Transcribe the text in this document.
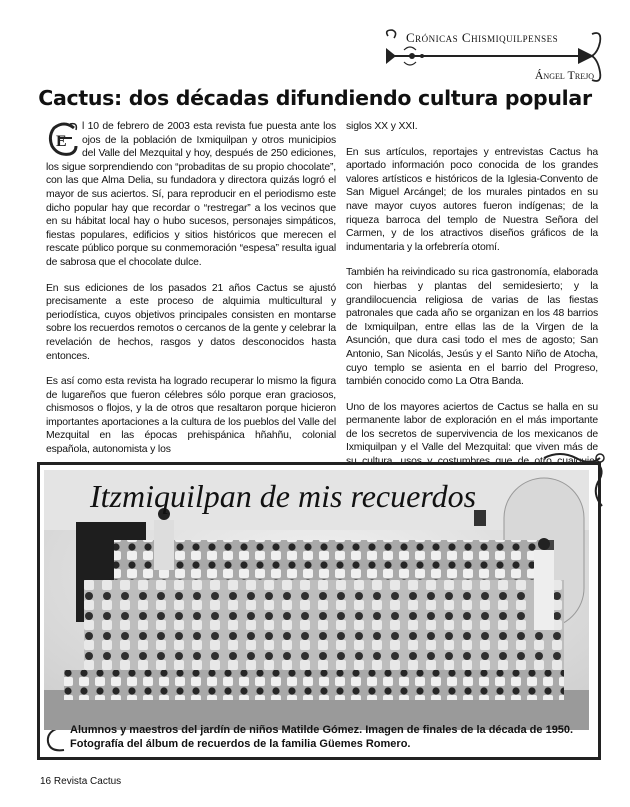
Crónicas Chismiquilpenses
Ángel Trejo
Cactus: dos décadas difundiendo cultura popular

E
l 10 de febrero de 2003 esta revista fue puesta ante los ojos de la población de Ixmiquilpan y otros municipios del Valle del Mezquital y hoy, después de 250 ediciones, los sigue sorprendiendo con “probaditas de su propio chocolate”, con las que Alma Delia, su fundadora y directora quizás logró el mayor de sus aciertos. Sí, para reproducir en el periodismo este dicho popular hay que recordar o “restregar” a los vecinos que en su hábitat local hay o hubo sucesos, personajes simpáticos, fiestas populares, edificios y sitios históricos que merecen el rescate público porque su conmemoración “espesa” resulta igual de sabrosa que el chocolate dulce.

En sus ediciones de los pasados 21 años Cactus se ajustó precisamente a este proceso de alquimia multicultural y periodística, cuyos objetivos principales consisten en montarse sobre los recuerdos remotos o cercanos de la gente y celebrar la revelación de hechos, rasgos y datos desconocidos hasta entonces.

Es así como esta revista ha logrado recuperar lo mismo la figura de lugareños que fueron célebres sólo porque eran graciosos, chismosos o flojos, y la de otros que resaltaron porque hicieron importantes aportaciones a la cultura de los pueblos del Valle del Mezquital en las épocas prehispánica hñahñu, colonial española, autonomista y los

siglos XX y XXI.

En sus artículos, reportajes y entrevistas Cactus ha aportado información poco conocida de los grandes valores artísticos e históricos de la Iglesia-Convento de San Miguel Arcángel; de los murales pintados en su nave mayor cuyos autores fueron indígenas; de la riqueza barroca del templo de Nuestra Señora del Carmen, y de los atractivos diseños gráficos de la indumentaria y la orfebrería otomí.

También ha reivindicado su rica gastronomía, elaborada con hierbas y plantas del semidesierto; y la grandilocuencia religiosa de varias de las fiestas patronales que cada año se organizan en los 48 barrios de Ixmiquilpan, entre ellas las de la Virgen de la Asunción, que dura casi todo el mes de agosto; San Antonio, San Nicolás, Jesús y el Santo Niño de Atocha, cuyo templo se asienta en el barrio del Progreso, también conocido como La Otra Banda.

Uno de los mayores aciertos de Cactus se halla en su permanente labor de exploración en el más importante de los secretos de supervivencia de los mexicanos de Ixmiquilpan y el Valle del Mezquital: que viven más de

Itzmiquilpan de mis recuerdos
Alumnos y maestros del jardín de niños Matilde Gómez. Imagen de finales de la década de 1950.
Fotografía del álbum de recuerdos de la familia Güemes Romero.
16 Revista Cactus
